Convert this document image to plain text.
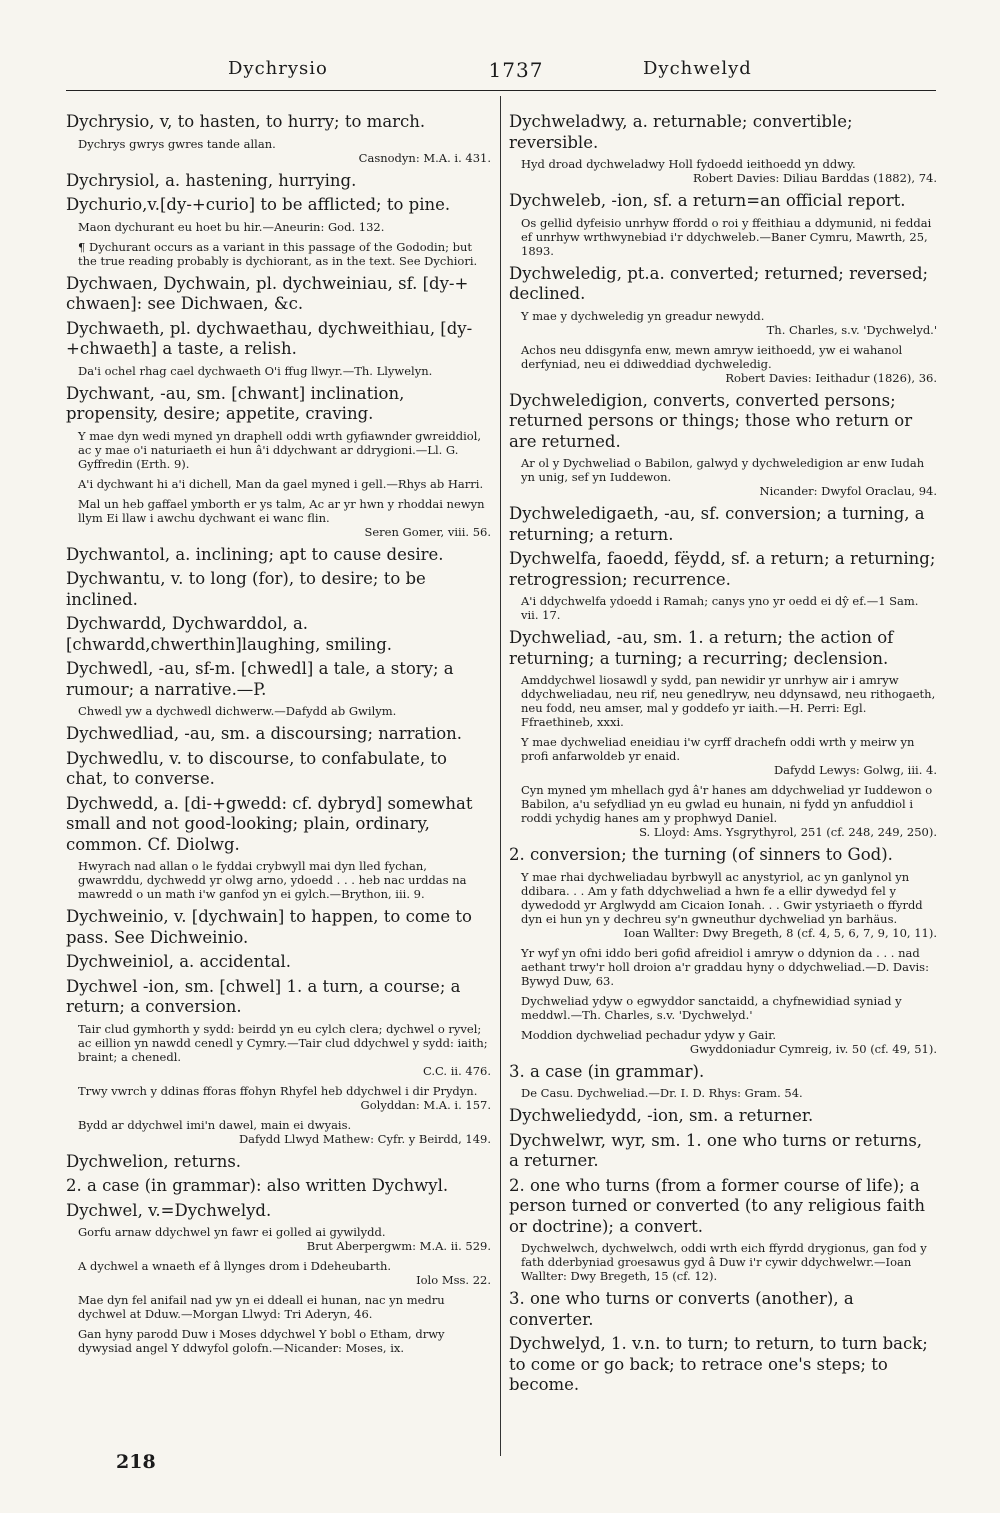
Dychrysio	1737	Dychwelyd
Dychrysio, v, to hasten, to hurry; to march.
Dychrys gwrys gwres tande allan.
Casnodyn: M.A. i. 431.
Dychrysiol, a. hastening, hurrying.
Dychurio,v.[dy-+curio] to be afflicted; to pine.
Maon dychurant eu hoet bu hir.—Aneurin: God. 132.
¶ Dychurant occurs as a variant in this passage of the Gododin; but the true reading probably is dychiorant, as in the text. See Dychiori.
Dychwaen, Dychwain, pl. dychweiniau, sf. [dy-+ chwaen]: see Dichwaen, &c.
Dychwaeth, pl. dychwaethau, dychweithiau, [dy-+chwaeth] a taste, a relish.
Da'i ochel rhag cael dychwaeth O'i ffug llwyr.—Th. Llywelyn.
Dychwant, -au, sm. [chwant] inclination, propensity, desire; appetite, craving.
Y mae dyn wedi myned yn draphell oddi wrth gyfiawnder gwreiddiol, ac y mae o'i naturiaeth ei hun â'i ddychwant ar ddrygioni.—Ll. G. Gyffredin (Erth. 9).
A'i dychwant hi a'i dichell, Man da gael myned i gell.—Rhys ab Harri.
Mal un heb gaffael ymborth er ys talm, Ac ar yr hwn y rhoddai newyn llym Ei llaw i awchu dychwant ei wanc flin.
Seren Gomer, viii. 56.
Dychwantol, a. inclining; apt to cause desire.
Dychwantu, v. to long (for), to desire; to be inclined.
Dychwardd, Dychwarddol, a.[chwardd,chwerthin]laughing, smiling.
Dychwedl, -au, sf-m. [chwedl] a tale, a story; a rumour; a narrative.—P.
Chwedl yw a dychwedl dichwerw.—Dafydd ab Gwilym.
Dychwedliad, -au, sm. a discoursing; narration.
Dychwedlu, v. to discourse, to confabulate, to chat, to converse.
Dychwedd, a. [di-+gwedd: cf. dybryd] somewhat small and not good-looking; plain, ordinary, common. Cf. Diolwg.
Hwyrach nad allan o le fyddai crybwyll mai dyn lled fychan, gwawrddu, dychwedd yr olwg arno, ydoedd . . . heb nac urddas na mawredd o un math i'w ganfod yn ei gylch.—Brython, iii. 9.
Dychweinio, v. [dychwain] to happen, to come to pass. See Dichweinio.
Dychweiniol, a. accidental.
Dychwel -ion, sm. [chwel] 1. a turn, a course; a return; a conversion.
Tair clud gymhorth y sydd: beirdd yn eu cylch clera; dychwel o ryvel; ac eillion yn nawdd cenedl y Cymry.—Tair clud ddychwel y sydd: iaith; braint; a chenedl.
C.C. ii. 476.
Trwy vwrch y ddinas fforas ffohyn Rhyfel heb ddychwel i dir Prydyn.
Golyddan: M.A. i. 157.
Bydd ar ddychwel imi'n dawel, main ei dwyais.
Dafydd Llwyd Mathew: Cyfr. y Beirdd, 149.
Dychwelion, returns.
2. a case (in grammar): also written Dychwyl.
Dychwel, v.=Dychwelyd.
Gorfu arnaw ddychwel yn fawr ei golled ai gywilydd.
Brut Aberpergwm: M.A. ii. 529.
A dychwel a wnaeth ef â llynges drom i Ddeheubarth.
Iolo Mss. 22.
Mae dyn fel anifail nad yw yn ei ddeall ei hunan, nac yn medru dychwel at Dduw.—Morgan Llwyd: Tri Aderyn, 46.
Gan hyny parodd Duw i Moses ddychwel Y bobl o Etham, drwy dywysiad angel Y ddwyfol golofn.—Nicander: Moses, ix.
Dychweladwy, a. returnable; convertible; reversible.
Hyd droad dychweladwy Holl fydoedd ieithoedd yn ddwy.
Robert Davies: Diliau Barddas (1882), 74.
Dychweleb, -ion, sf. a return=an official report.
Os gellid dyfeisio unrhyw ffordd o roi y ffeithiau a ddymunid, ni feddai ef unrhyw wrthwynebiad i'r ddychweleb.—Baner Cymru, Mawrth, 25, 1893.
Dychweledig, pt.a. converted; returned; reversed; declined.
Y mae y dychweledig yn greadur newydd.
Th. Charles, s.v. 'Dychwelyd.'
Achos neu ddisgynfa enw, mewn amryw ieithoedd, yw ei wahanol derfyniad, neu ei ddiweddiad dychweledig.
Robert Davies: Ieithadur (1826), 36.
Dychweledigion, converts, converted persons; returned persons or things; those who return or are returned.
Ar ol y Dychweliad o Babilon, galwyd y dychweledigion ar enw Iudah yn unig, sef yn Iuddewon.
Nicander: Dwyfol Oraclau, 94.
Dychweledigaeth, -au, sf. conversion; a turning, a returning; a return.
Dychwelfa, faoedd, fëydd, sf. a return; a returning; retrogression; recurrence.
A'i ddychwelfa ydoedd i Ramah; canys yno yr oedd ei dŷ ef.—1 Sam. vii. 17.
Dychweliad, -au, sm. 1. a return; the action of returning; a turning; a recurring; declension.
Amddychwel liosawdl y sydd, pan newidir yr unrhyw air i amryw ddychweliadau, neu rif, neu genedlryw, neu ddynsawd, neu rithogaeth, neu fodd, neu amser, mal y goddefo yr iaith.—H. Perri: Egl. Ffraethineb, xxxi.
Y mae dychweliad eneidiau i'w cyrff drachefn oddi wrth y meirw yn profi anfarwoldeb yr enaid.
Dafydd Lewys: Golwg, iii. 4.
Cyn myned ym mhellach gyd â'r hanes am ddychweliad yr Iuddewon o Babilon, a'u sefydliad yn eu gwlad eu hunain, ni fydd yn anfuddiol i roddi ychydig hanes am y prophwyd Daniel.
S. Lloyd: Ams. Ysgrythyrol, 251 (cf. 248, 249, 250).
2. conversion; the turning (of sinners to God).
Y mae rhai dychweliadau byrbwyll ac anystyriol, ac yn ganlynol yn ddibara. . . Am y fath ddychweliad a hwn fe a ellir dywedyd fel y dywedodd yr Arglwydd am Cicaion Ionah. . . Gwir ystyriaeth o ffyrdd dyn ei hun yn y dechreu sy'n gwneuthur dychweliad yn barhäus.
Ioan Wallter: Dwy Bregeth, 8 (cf. 4, 5, 6, 7, 9, 10, 11).
Yr wyf yn ofni iddo beri gofid afreidiol i amryw o ddynion da . . . nad aethant trwy'r holl droion a'r graddau hyny o ddychweliad.—D. Davis: Bywyd Duw, 63.
Dychweliad ydyw o egwyddor sanctaidd, a chyfnewidiad syniad y meddwl.—Th. Charles, s.v. 'Dychwelyd.'
Moddion dychweliad pechadur ydyw y Gair.
Gwyddoniadur Cymreig, iv. 50 (cf. 49, 51).
3. a case (in grammar).
De Casu. Dychweliad.—Dr. I. D. Rhys: Gram. 54.
Dychweliedydd, -ion, sm. a returner.
Dychwelwr, wyr, sm. 1. one who turns or returns, a returner.
2. one who turns (from a former course of life); a person turned or converted (to any religious faith or doctrine); a convert.
Dychwelwch, dychwelwch, oddi wrth eich ffyrdd drygionus, gan fod y fath dderbyniad groesawus gyd â Duw i'r cywir ddychwelwr.—Ioan Wallter: Dwy Bregeth, 15 (cf. 12).
3. one who turns or converts (another), a converter.
Dychwelyd, 1. v.n. to turn; to return, to turn back; to come or go back; to retrace one's steps; to become.
218
